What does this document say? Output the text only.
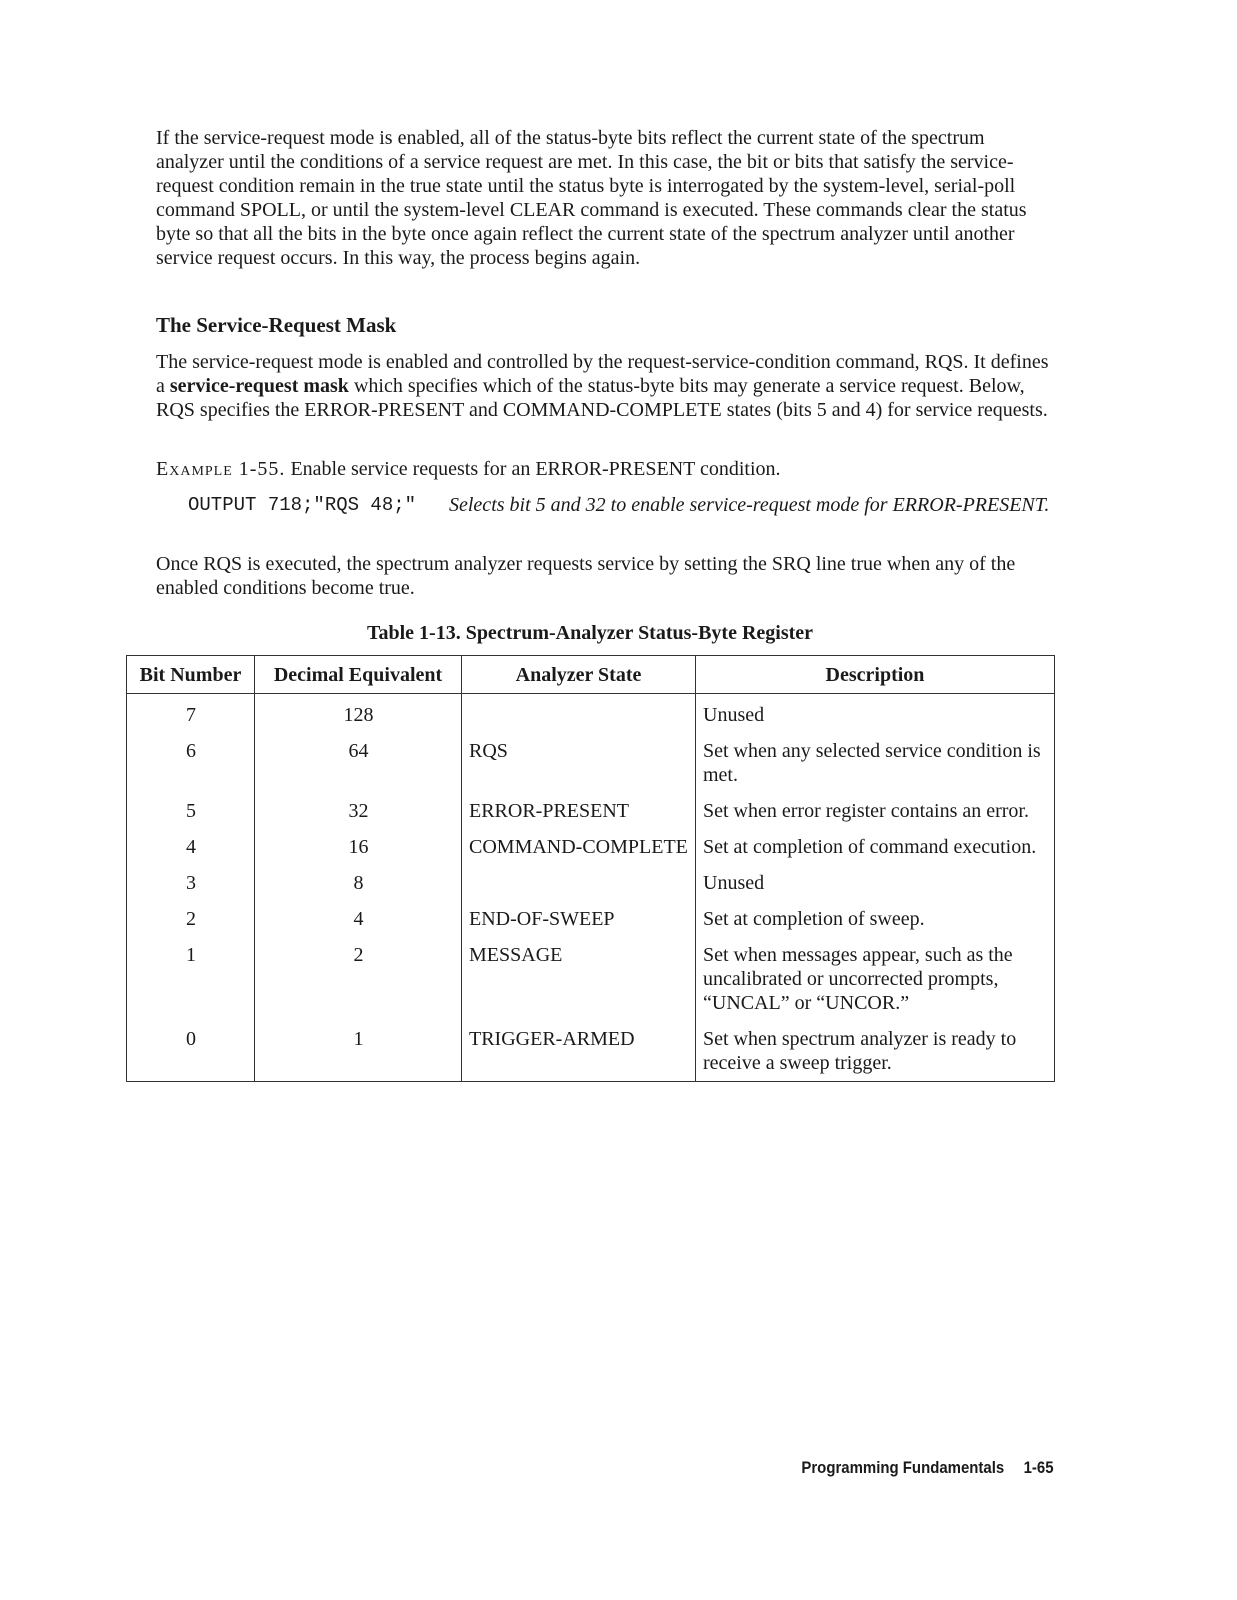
If the service-request mode is enabled, all of the status-byte bits reflect the current state of the spectrum analyzer until the conditions of a service request are met. In this case, the bit or bits that satisfy the service-request condition remain in the true state until the status byte is interrogated by the system-level, serial-poll command SPOLL, or until the system-level CLEAR command is executed. These commands clear the status byte so that all the bits in the byte once again reflect the current state of the spectrum analyzer until another service request occurs. In this way, the process begins again.

The Service-Request Mask

The service-request mode is enabled and controlled by the request-service-condition command, RQS. It defines a service-request mask which specifies which of the status-byte bits may generate a service request. Below, RQS specifies the ERROR-PRESENT and COMMAND-COMPLETE states (bits 5 and 4) for service requests.

Example 1-55. Enable service requests for an ERROR-PRESENT condition.
OUTPUT 718;"RQS 48;" Selects bit 5 and 32 to enable service-request mode for ERROR-PRESENT.

Once RQS is executed, the spectrum analyzer requests service by setting the SRQ line true when any of the enabled conditions become true.

Table 1-13. Spectrum-Analyzer Status-Byte Register
Bit Number	Decimal Equivalent	Analyzer State	Description
7	128		Unused
6	64	RQS	Set when any selected service condition is met.
5	32	ERROR-PRESENT	Set when error register contains an error.
4	16	COMMAND-COMPLETE	Set at completion of command execution.
3	8		Unused
2	4	END-OF-SWEEP	Set at completion of sweep.
1	2	MESSAGE	Set when messages appear, such as the uncalibrated or uncorrected prompts, “UNCAL” or “UNCOR.”
0	1	TRIGGER-ARMED	Set when spectrum analyzer is ready to receive a sweep trigger.
Programming Fundamentals 1-65
